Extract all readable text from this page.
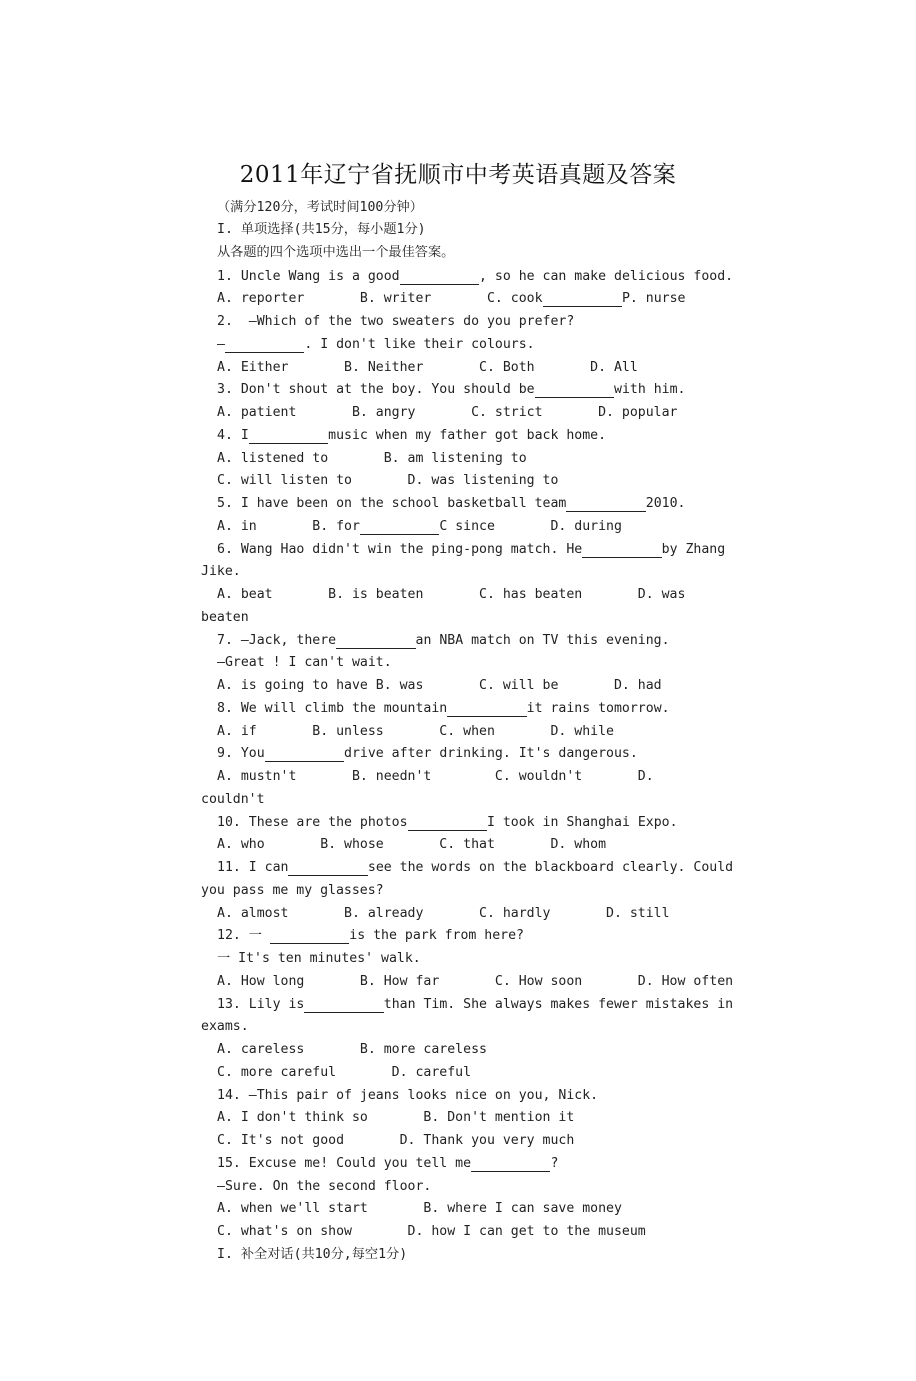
2011年辽宁省抚顺市中考英语真题及答案
（满分120分，考试时间100分钟）
I. 单项选择(共15分，每小题1分)
从各题的四个选项中选出一个最佳答案。
1. Uncle Wang is a good	, so he can make delicious food.
A. reporter       B. writer       C. cook	P. nurse
2.  —Which of the two sweaters do you prefer?
—	. I don't like their colours.
A. Either       B. Neither       C. Both       D. All
3. Don't shout at the boy. You should be	with him.
A. patient       B. angry       C. strict       D. popular
4. I	music when my father got back home.
A. listened to       B. am listening to
C. will listen to       D. was listening to
5. I have been on the school basketball team	2010.
A. in       B. for	C since       D. during
6. Wang Hao didn't win the ping-pong match. He	by Zhang
Jike.
A. beat       B. is beaten       C. has beaten       D. was
beaten
7. —Jack, there	an NBA match on TV this evening.
—Great ! I can't wait.
A. is going to have B. was       C. will be       D. had
8. We will climb the mountain	it rains tomorrow.
A. if       B. unless       C. when       D. while
9. You	drive after drinking. It's dangerous.
A. mustn't       B. needn't        C. wouldn't       D.
couldn't
10. These are the photos	I took in Shanghai Expo.
A. who       B. whose       C. that       D. whom
11. I can	see the words on the blackboard clearly. Could
you pass me my glasses?
A. almost       B. already       C. hardly       D. still
12. 一	is the park from here?
一 It's ten minutes' walk.
A. How long       B. How far       C. How soon       D. How often
13. Lily is	than Tim. She always makes fewer mistakes in
exams.
A. careless       B. more careless
C. more careful       D. careful
14. —This pair of jeans looks nice on you, Nick.
A. I don't think so       B. Don't mention it
C. It's not good       D. Thank you very much
15. Excuse me! Could you tell me	?
—Sure. On the second floor.
A. when we'll start       B. where I can save money
C. what's on show       D. how I can get to the museum
I. 补全对话(共10分,每空1分)
